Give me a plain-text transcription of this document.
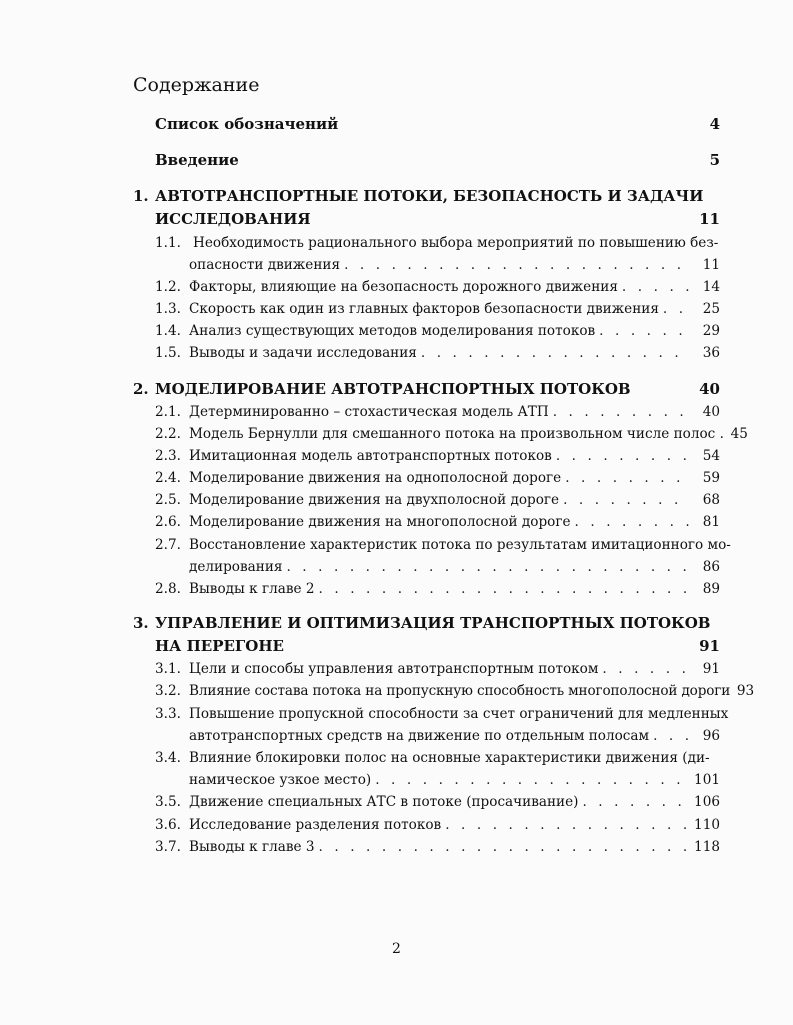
Содержание
Список обозначений	4
Введение	5
1. АВТОТРАНСПОРТНЫЕ ПОТОКИ, БЕЗОПАСНОСТЬ И ЗАДАЧИ
ИССЛЕДОВАНИЯ	11
1.1. Необходимость рационального выбора мероприятий по повышению без-
опасности движения . . .	11
1.2. Факторы, влияющие на безопасность дорожного движения . . .	14
1.3. Скорость как один из главных факторов безопасности движения . . .	25
1.4. Анализ существующих методов моделирования потоков . . .	29
1.5. Выводы и задачи исследования . . .	36
2. МОДЕЛИРОВАНИЕ АВТОТРАНСПОРТНЫХ ПОТОКОВ	40
2.1. Детерминированно – стохастическая модель АТП . . .	40
2.2. Модель Бернулли для смешанного потока на произвольном числе полос . 45
2.3. Имитационная модель автотранспортных потоков . . .	54
2.4. Моделирование движения на однополосной дороге . . .	59
2.5. Моделирование движения на двухполосной дороге . . .	68
2.6. Моделирование движения на многополосной дороге . . .	81
2.7. Восстановление характеристик потока по результатам имитационного мо-
делирования . . .	86
2.8. Выводы к главе 2 . . .	89
3. УПРАВЛЕНИЕ И ОПТИМИЗАЦИЯ ТРАНСПОРТНЫХ ПОТОКОВ
НА ПЕРЕГОНЕ	91
3.1. Цели и способы управления автотранспортным потоком . . .	91
3.2. Влияние состава потока на пропускную способность многополосной дороги 93
3.3. Повышение пропускной способности за счет ограничений для медленных
автотранспортных средств на движение по отдельным полосам . . .	96
3.4. Влияние блокировки полос на основные характеристики движения (ди-
намическое узкое место) . . .	101
3.5. Движение специальных АТС в потоке (просачивание) . . .	106
3.6. Исследование разделения потоков . . .	110
3.7. Выводы к главе 3 . . .	118
2
